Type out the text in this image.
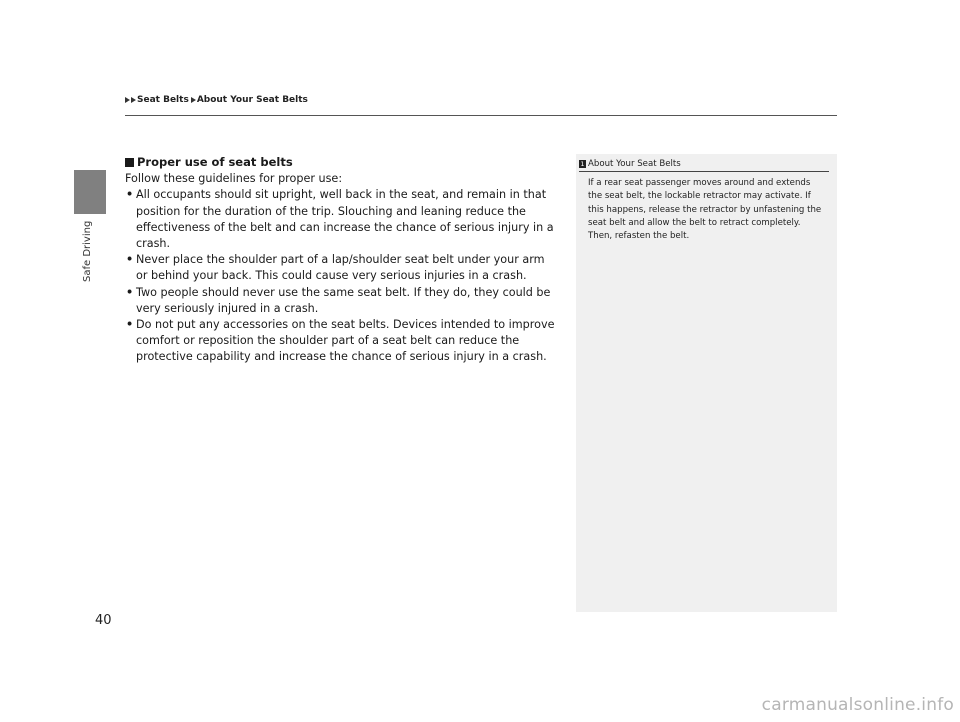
Seat Belts About Your Seat Belts
Safe Driving
Proper use of seat belts

Follow these guidelines for proper use:

• All occupants should sit upright, well back in the seat, and remain in that position for the duration of the trip. Slouching and leaning reduce the effectiveness of the belt and can increase the chance of serious injury in a crash.
• Never place the shoulder part of a lap/shoulder seat belt under your arm or behind your back. This could cause very serious injuries in a crash.
• Two people should never use the same seat belt. If they do, they could be very seriously injured in a crash.
• Do not put any accessories on the seat belts. Devices intended to improve comfort or reposition the shoulder part of a seat belt can reduce the protective capability and increase the chance of serious injury in a crash.
1 About Your Seat Belts
If a rear seat passenger moves around and extends the seat belt, the lockable retractor may activate. If this happens, release the retractor by unfastening the seat belt and allow the belt to retract completely. Then, refasten the belt.
40
carmanualsonline.info
